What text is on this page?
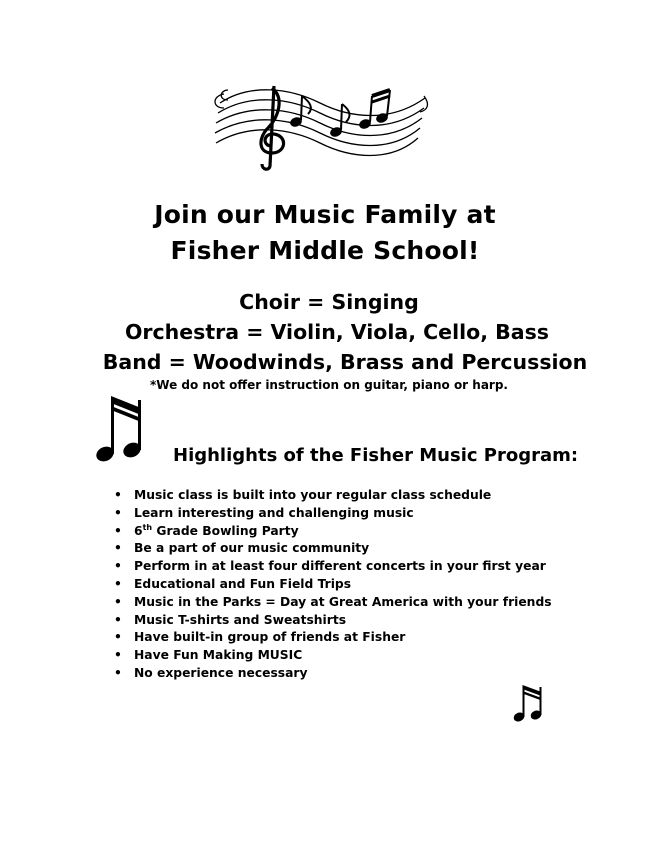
Join our Music Family at
Fisher Middle School!
Choir = Singing
Orchestra = Violin, Viola, Cello, Bass
Band = Woodwinds, Brass and Percussion
*We do not offer instruction on guitar, piano or harp.
Highlights of the Fisher Music Program:
• Music class is built into your regular class schedule
• Learn interesting and challenging music
• 6th Grade Bowling Party
• Be a part of our music community
• Perform in at least four different concerts in your first year
• Educational and Fun Field Trips
• Music in the Parks = Day at Great America with your friends
• Music T-shirts and Sweatshirts
• Have built-in group of friends at Fisher
• Have Fun Making MUSIC
• No experience necessary
